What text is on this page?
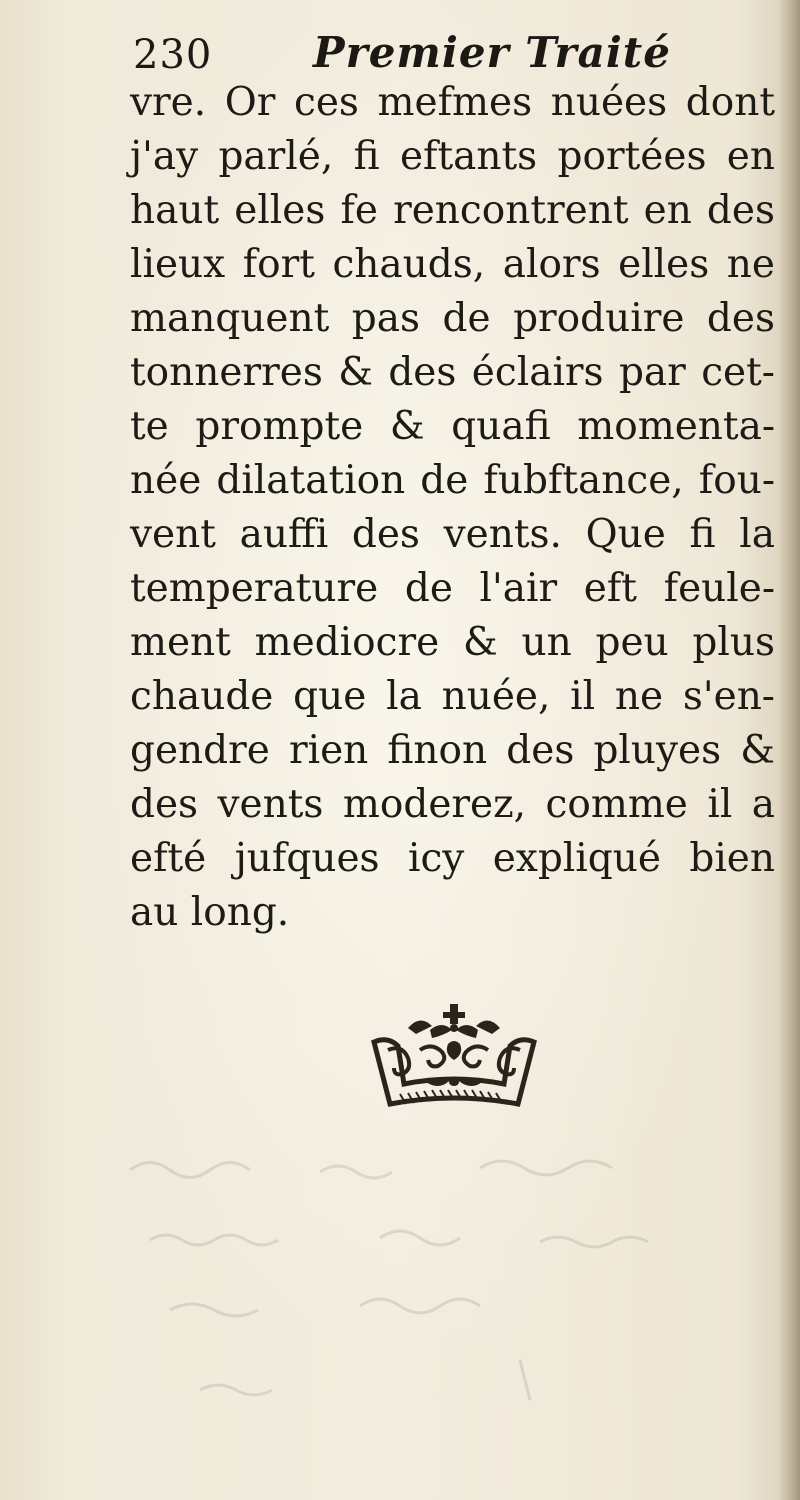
230 Premier Traité
vre. Or ces mefmes nuées dont
j'ay parlé, fi eftants portées en
haut elles fe rencontrent en des
lieux fort chauds, alors elles ne
manquent pas de produire des
tonnerres & des éclairs par cet-
te prompte & quafi momenta-
née dilatation de fubftance, fou-
vent auffi des vents. Que fi la
temperature de l'air eft feule-
ment mediocre & un peu plus
chaude que la nuée, il ne s'en-
gendre rien finon des pluyes &
des vents moderez, comme il a
efté jufques icy expliqué bien
au long.
